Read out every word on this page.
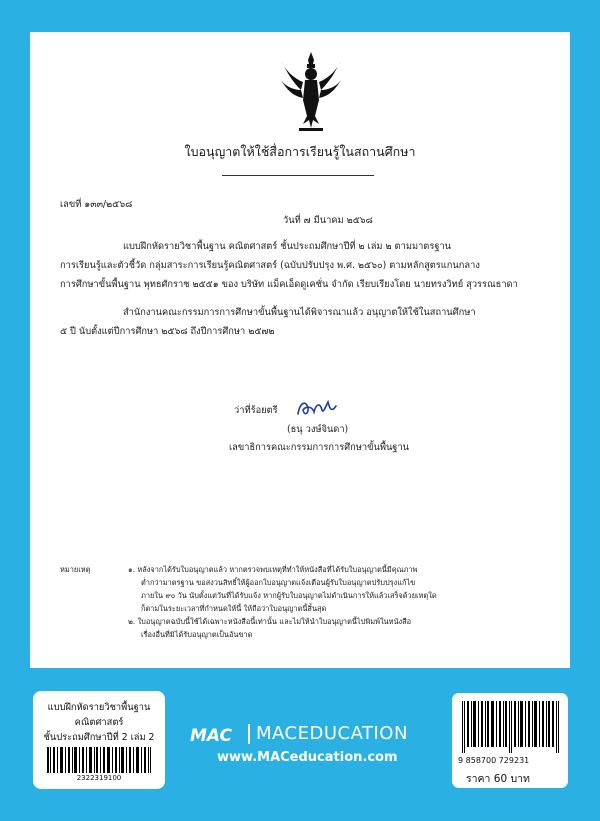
ใบอนุญาตให้ใช้สื่อการเรียนรู้ในสถานศึกษา
เลขที่ ๑๓๓/๒๕๖๘
วันที่ ๗ มีนาคม ๒๕๖๘
แบบฝึกหัดรายวิชาพื้นฐาน คณิตศาสตร์ ชั้นประถมศึกษาปีที่ ๒ เล่ม ๒ ตามมาตรฐาน
การเรียนรู้และตัวชี้วัด กลุ่มสาระการเรียนรู้คณิตศาสตร์ (ฉบับปรับปรุง พ.ศ. ๒๕๖๐) ตามหลักสูตรแกนกลาง
การศึกษาขั้นพื้นฐาน พุทธศักราช ๒๕๕๑ ของ บริษัท แม็คเอ็ดดูเคชั่น จำกัด เรียบเรียงโดย นายทรงวิทย์ สุวรรณธาดา
สำนักงานคณะกรรมการการศึกษาขั้นพื้นฐานได้พิจารณาแล้ว อนุญาตให้ใช้ในสถานศึกษา
๕ ปี นับตั้งแต่ปีการศึกษา ๒๕๖๘ ถึงปีการศึกษา ๒๕๗๒
ว่าที่ร้อยตรี
(ธนุ วงษ์จินดา)
เลขาธิการคณะกรรมการการศึกษาขั้นพื้นฐาน
หมายเหตุ	๑. หลังจากได้รับใบอนุญาตแล้ว หากตรวจพบเหตุที่ทำให้หนังสือที่ได้รับใบอนุญาตนี้มีคุณภาพ
ต่ำกว่ามาตรฐาน ขอสงวนสิทธิ์ให้ผู้ออกใบอนุญาตแจ้งเตือนผู้รับใบอนุญาตปรับปรุงแก้ไข
ภายใน ๙๐ วัน นับตั้งแต่วันที่ได้รับแจ้ง หากผู้รับใบอนุญาตไม่ดำเนินการให้แล้วเสร็จด้วยเหตุใด
ก็ตามในระยะเวลาที่กำหนดให้นี้ ให้ถือว่าใบอนุญาตนี้สิ้นสุด
๒. ใบอนุญาตฉบับนี้ใช้ได้เฉพาะหนังสือนี้เท่านั้น และไม่ให้นำใบอนุญาตนี้ไปพิมพ์ในหนังสือ
เรื่องอื่นที่มิได้รับอนุญาตเป็นอันขาด
แบบฝึกหัดรายวิชาพื้นฐาน
คณิตศาสตร์
ชั้นประถมศึกษาปีที่ 2 เล่ม 2
2322319100
MAC MACEDUCATION
www.MACeducation.com	9 858700 729231
ราคา 60 บาท
